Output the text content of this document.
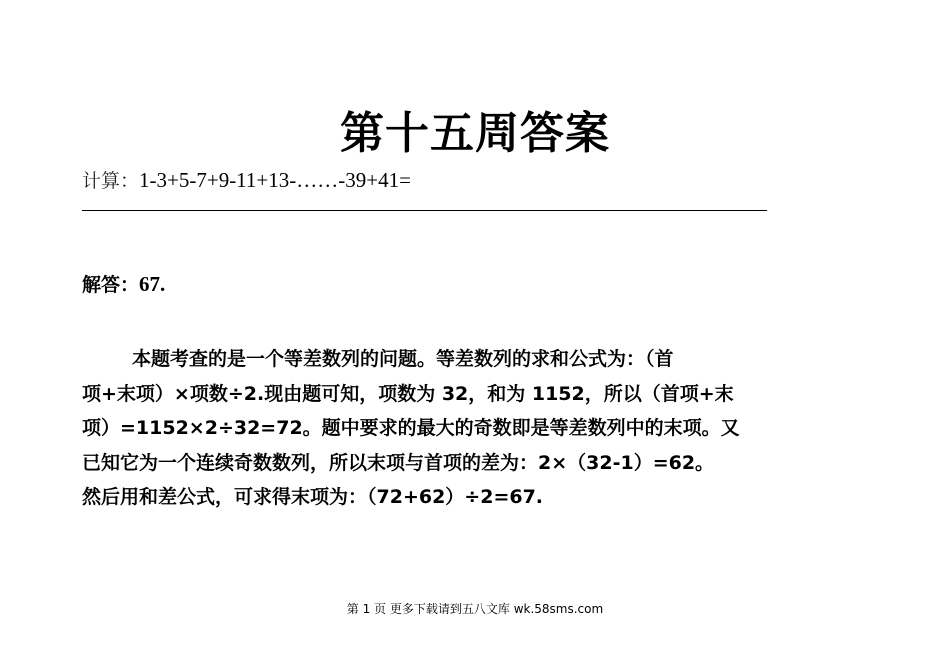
第十五周答案
计算：1-3+5-7+9-11+13-……-39+41=
————————————————————————————————————
解答：67.
本题考查的是一个等差数列的问题。等差数列的求和公式为：（首
项+末项）×项数÷2.现由题可知，项数为 32，和为 1152，所以（首项+末
项）=1152×2÷32=72。题中要求的最大的奇数即是等差数列中的末项。又
已知它为一个连续奇数数列，所以末项与首项的差为：2×（32-1）=62。
然后用和差公式，可求得末项为：（72+62）÷2=67.
第 1 页 更多下载请到五八文库 wk.58sms.com
